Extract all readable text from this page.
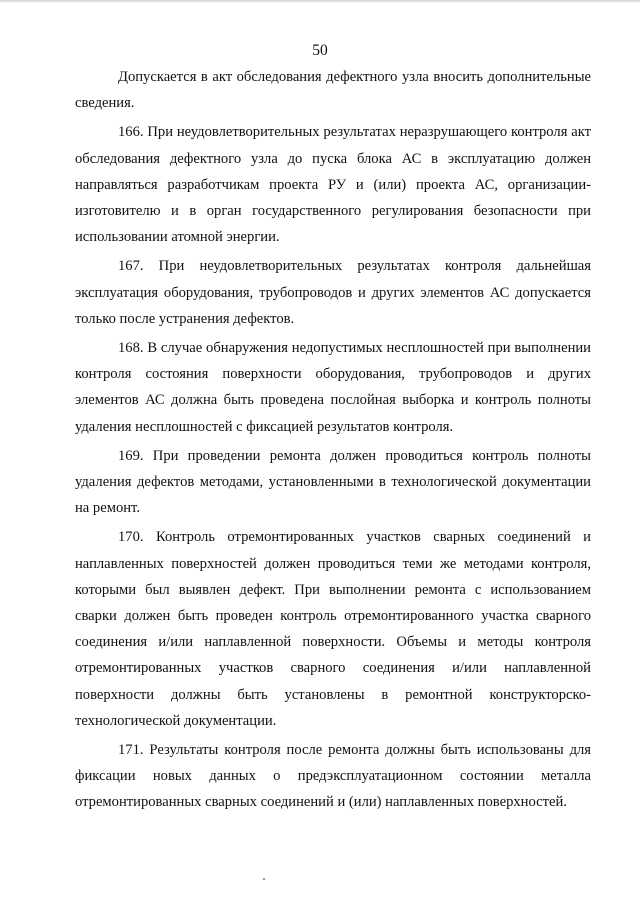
50

Допускается в акт обследования дефектного узла вносить дополнительные сведения.

166. При неудовлетворительных результатах неразрушающего контроля акт обследования дефектного узла до пуска блока АС в эксплуатацию должен направляться разработчикам проекта РУ и (или) проекта АС, организации-изготовителю и в орган государственного регулирования безопасности при использовании атомной энергии.

167. При неудовлетворительных результатах контроля дальнейшая эксплуатация оборудования, трубопроводов и других элементов АС допускается только после устранения дефектов.

168. В случае обнаружения недопустимых несплошностей при выполнении контроля состояния поверхности оборудования, трубопроводов и других элементов АС должна быть проведена послойная выборка и контроль полноты удаления несплошностей с фиксацией результатов контроля.

169. При проведении ремонта должен проводиться контроль полноты удаления дефектов методами, установленными в технологической документации на ремонт.

170. Контроль отремонтированных участков сварных соединений и наплавленных поверхностей должен проводиться теми же методами контроля, которыми был выявлен дефект. При выполнении ремонта с использованием сварки должен быть проведен контроль отремонтированного участка сварного соединения и/или наплавленной поверхности. Объемы и методы контроля отремонтированных участков сварного соединения и/или наплавленной поверхности должны быть установлены в ремонтной конструкторско-технологической документации.

171. Результаты контроля после ремонта должны быть использованы для фиксации новых данных о предэксплуатационном состоянии металла отремонтированных сварных соединений и (или) наплавленных поверхностей.
